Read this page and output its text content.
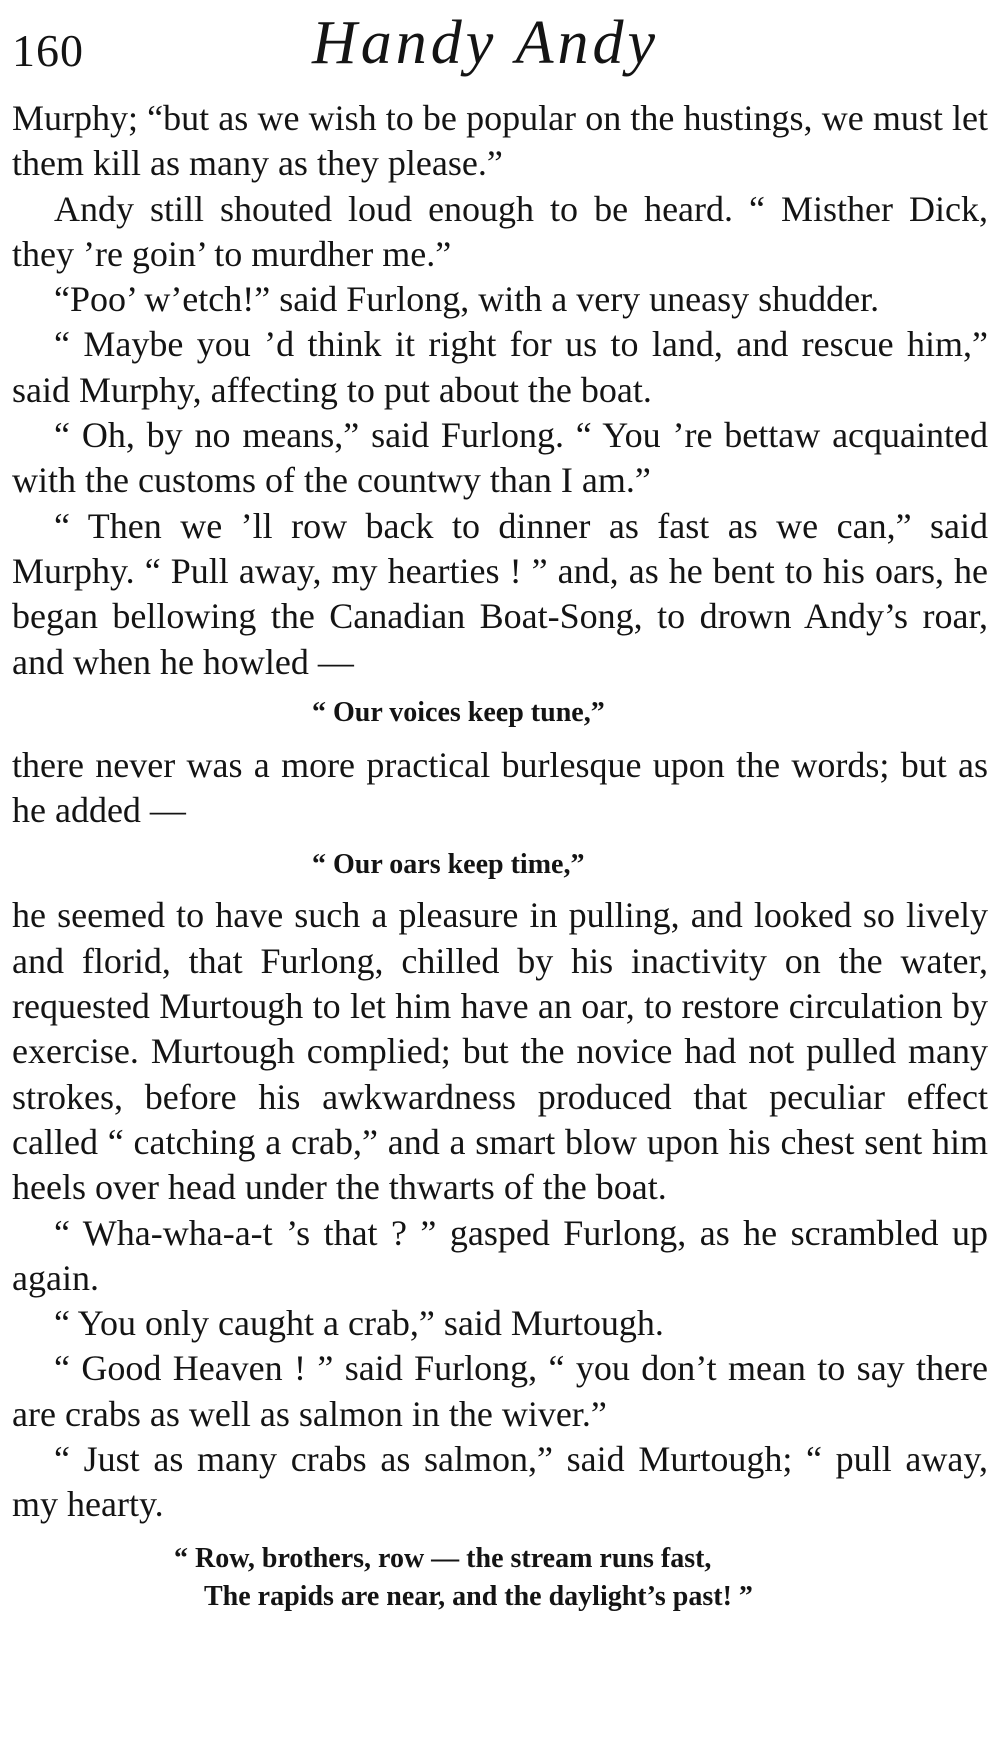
160	Handy Andy

Murphy; “but as we wish to be popular on the hustings, we must let them kill as many as they please.”

Andy still shouted loud enough to be heard. “ Misther Dick, they ’re goin’ to murdher me.”

“Poo’ w’etch!” said Furlong, with a very uneasy shudder.

“ Maybe you ’d think it right for us to land, and rescue him,” said Murphy, affecting to put about the boat.

“ Oh, by no means,” said Furlong. “ You ’re bettaw acquainted with the customs of the countwy than I am.”

“ Then we ’ll row back to dinner as fast as we can,” said Murphy. “ Pull away, my hearties ! ” and, as he bent to his oars, he began bellowing the Canadian Boat-Song, to drown Andy’s roar, and when he howled —

“ Our voices keep tune,”

there never was a more practical burlesque upon the words; but as he added —

“ Our oars keep time,”

he seemed to have such a pleasure in pulling, and looked so lively and florid, that Furlong, chilled by his inactivity on the water, requested Murtough to let him have an oar, to restore circulation by exercise. Murtough complied; but the novice had not pulled many strokes, before his awkwardness produced that peculiar effect called “ catching a crab,” and a smart blow upon his chest sent him heels over head under the thwarts of the boat.

“ Wha-wha-a-t ’s that ? ” gasped Furlong, as he scrambled up again.

“ You only caught a crab,” said Murtough.

“ Good Heaven ! ” said Furlong, “ you don’t mean to say there are crabs as well as salmon in the wiver.”

“ Just as many crabs as salmon,” said Murtough; “ pull away, my hearty.

“ Row, brothers, row — the stream runs fast,
The rapids are near, and the daylight’s past! ”
